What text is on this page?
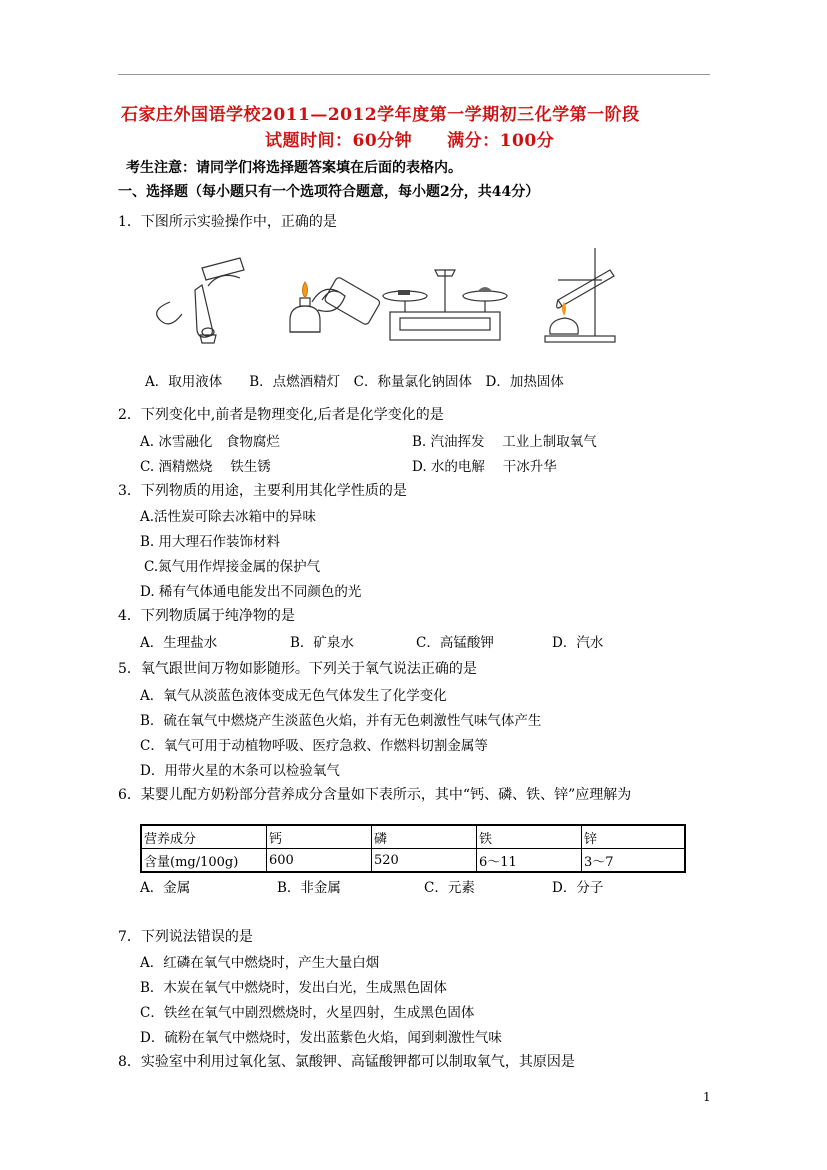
石家庄外国语学校2011—2012学年度第一学期初三化学第一阶段
试题时间：60分钟　　满分：100分
考生注意：请同学们将选择题答案填在后面的表格内。
一、选择题（每小题只有一个选项符合题意，每小题2分，共44分）
1．下图所示实验操作中，正确的是
A．取用液体　　B．点燃酒精灯　C．称量氯化钠固体　D．加热固体
2．下列变化中,前者是物理变化,后者是化学变化的是
A. 冰雪融化　食物腐烂	B. 汽油挥发　 工业上制取氧气
C. 酒精燃烧　 铁生锈	D. 水的电解　 干冰升华
3．下列物质的用途，主要利用其化学性质的是
A.活性炭可除去冰箱中的异味
B. 用大理石作装饰材料
C.氮气用作焊接金属的保护气
D. 稀有气体通电能发出不同颜色的光
4．下列物质属于纯净物的是
A．生理盐水	B．矿泉水	C．高锰酸钾	D．汽水
5．氧气跟世间万物如影随形。下列关于氧气说法正确的是
A．氧气从淡蓝色液体变成无色气体发生了化学变化
B．硫在氧气中燃烧产生淡蓝色火焰，并有无色刺激性气味气体产生
C．氧气可用于动植物呼吸、医疗急救、作燃料切割金属等
D．用带火星的木条可以检验氧气
6．某婴儿配方奶粉部分营养成分含量如下表所示，其中“钙、磷、铁、锌”应理解为
营养成分	钙	磷	铁	锌
含量(mg/100g)	600	520	6～11	3～7
A．金属	B．非金属	C．元素	D．分子
7．下列说法错误的是
A．红磷在氧气中燃烧时，产生大量白烟
B．木炭在氧气中燃烧时，发出白光，生成黑色固体
C．铁丝在氧气中剧烈燃烧时，火星四射，生成黑色固体
D．硫粉在氧气中燃烧时，发出蓝紫色火焰，闻到刺激性气味
8．实验室中利用过氧化氢、氯酸钾、高锰酸钾都可以制取氧气，其原因是
1
